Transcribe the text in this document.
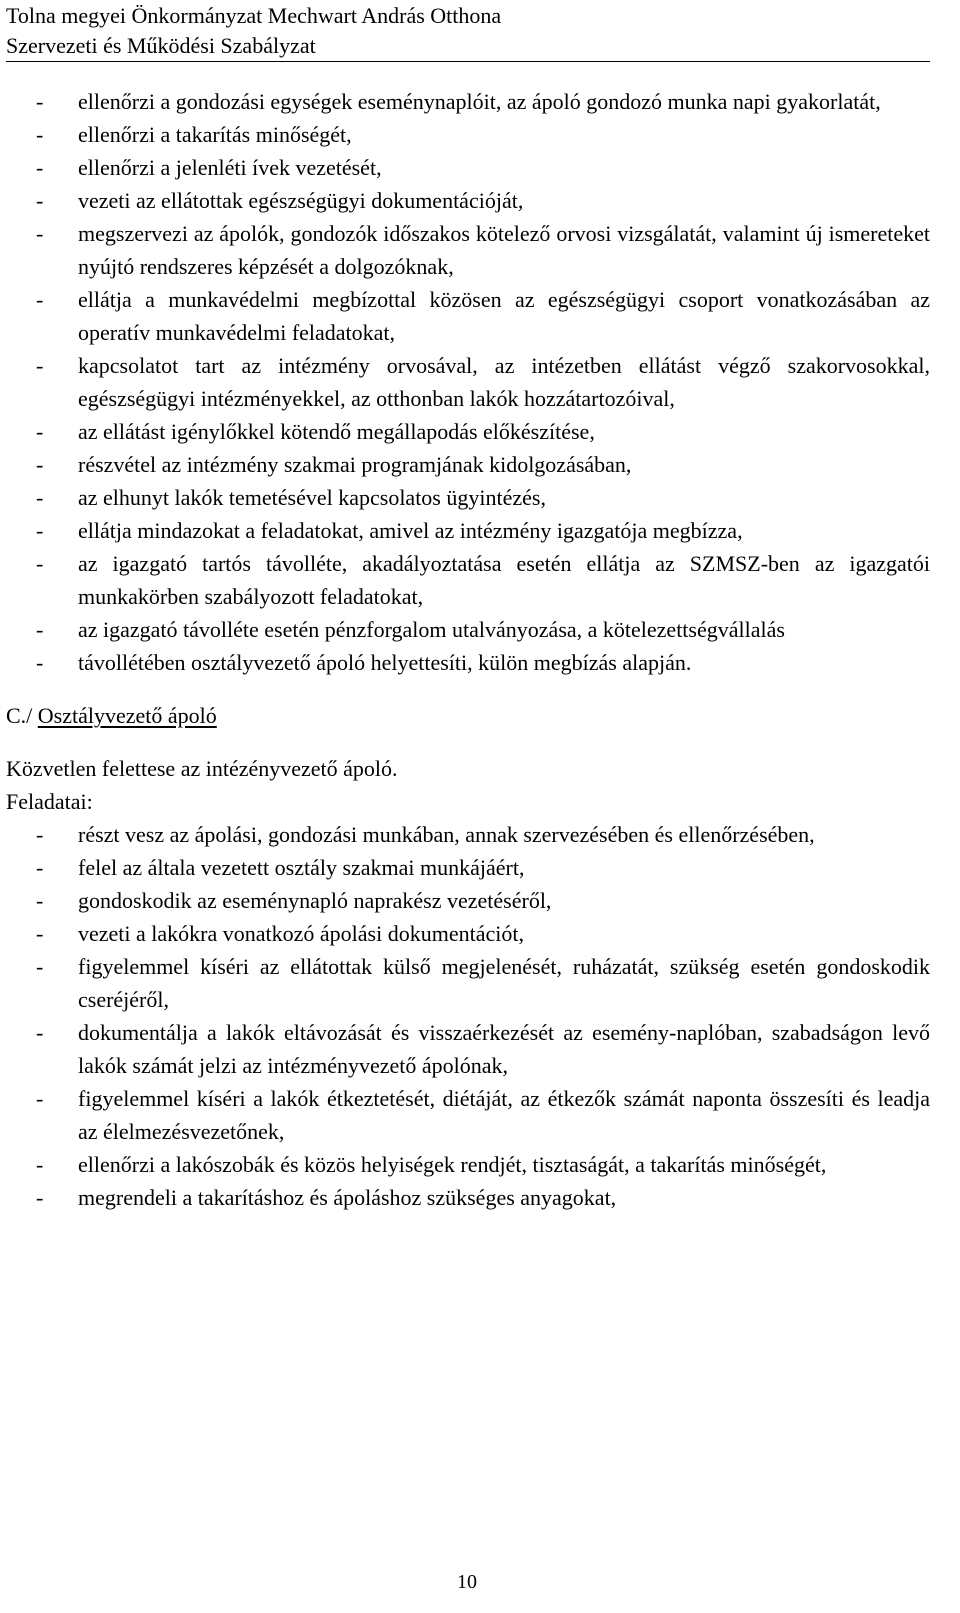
Tolna megyei Önkormányzat Mechwart András Otthona
Szervezeti és Működési Szabályzat
- ellenőrzi a gondozási egységek eseménynaplóit, az ápoló gondozó munka napi gyakorlatát,
- ellenőrzi a takarítás minőségét,
- ellenőrzi a jelenléti ívek vezetését,
- vezeti az ellátottak egészségügyi dokumentációját,
- megszervezi az ápolók, gondozók időszakos kötelező orvosi vizsgálatát, valamint új ismereteket nyújtó rendszeres képzését a dolgozóknak,
- ellátja a munkavédelmi megbízottal közösen az egészségügyi csoport vonatkozásában az operatív munkavédelmi feladatokat,
- kapcsolatot tart az intézmény orvosával, az intézetben ellátást végző szakorvosokkal, egészségügyi intézményekkel, az otthonban lakók hozzátartozóival,
- az ellátást igénylőkkel kötendő megállapodás előkészítése,
- részvétel az intézmény szakmai programjának kidolgozásában,
- az elhunyt lakók temetésével kapcsolatos ügyintézés,
- ellátja mindazokat a feladatokat, amivel az intézmény igazgatója megbízza,
- az igazgató tartós távolléte, akadályoztatása esetén ellátja az SZMSZ-ben az igazgatói munkakörben szabályozott feladatokat,
- az igazgató távolléte esetén pénzforgalom utalványozása, a kötelezettségvállalás
- távollétében osztályvezető ápoló helyettesíti, külön megbízás alapján.
C./ Osztályvezető ápoló
Közvetlen felettese az intézényvezető ápoló.
Feladatai:
- részt vesz az ápolási, gondozási munkában, annak szervezésében és ellenőrzésében,
- felel az általa vezetett osztály szakmai munkájáért,
- gondoskodik az eseménynapló naprakész vezetéséről,
- vezeti a lakókra vonatkozó ápolási dokumentációt,
- figyelemmel kíséri az ellátottak külső megjelenését, ruházatát, szükség esetén gondoskodik cseréjéről,
- dokumentálja a lakók eltávozását és visszaérkezését az esemény-naplóban, szabadságon levő lakók számát jelzi az intézményvezető ápolónak,
- figyelemmel kíséri a lakók étkeztetését, diétáját, az étkezők számát naponta összesíti és leadja az élelmezésvezetőnek,
- ellenőrzi a lakószobák és közös helyiségek rendjét, tisztaságát, a takarítás minőségét,
- megrendeli a takarításhoz és ápoláshoz szükséges anyagokat,
10
